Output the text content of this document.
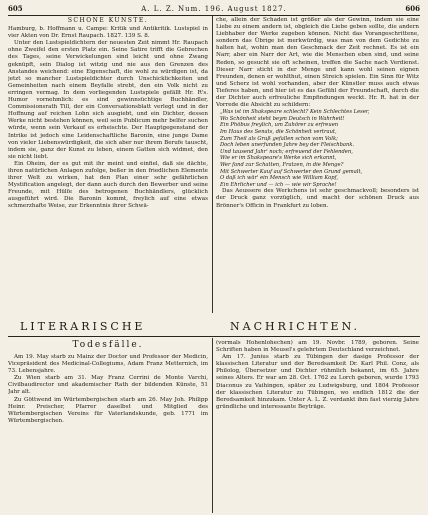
605	A. L. Z. Num. 196. August 1827.	606
SCHÖNE KÜNSTE.

Hamburg, b. Hoffmann u. Campe: Kritik und Antikritik. Lustspiel in vier Akten von Dr. Ernst Raupach. 1827. 139 S. 8.

Unter den Lustspieldichtern der neuesten Zeit nimmt Hr. Raupach ohne Zweifel den ersten Platz ein. Seine Satire trifft die Gebrechen des Tages, seine Verwickelungen sind leicht und ohne Zwang geknüpft, sein Dialog ist witzig und nie aus den Grenzen des Anstandes weichend: eine Eigenschaft, die wohl zu würdigen ist, da jetzt so mancher Lustspieldichter durch Unschicklichkeiten und Gemeinheiten nach einem Beyfalle strebt, den ein Volk nicht zu erringen vermag. In dem vorliegenden Lustspiele gefällt Hr. R's. Humor vornehmlich: es sind gewinnsüchtige Buchhändler, Commissionsrath Till, der ein Conversationsblatt verlegt und in der Hoffnung auf reichen Lohn sich ausgiebt, und ein Dichter, dessen Werke nicht bestehen können, weil sein Publicum mehr belfer suchen würde, wenn sein Verkauf es erheischte. Der Hauptgegenstand der Intrike ist jedoch eine Leidenschaftliche Baronin, eine junge Dame von vieler Liebenswürdigkeit, die sich aber nur ihrem Berufe tauscht, indem sie, ganz der Kunst zu leben, einem Gatten sich widmet, den sie nicht liebt.

Ein Oheim, der es gut mit ihr meint und einfiel, daß sie dächte, ihren natürlichen Anlagen zufolge, beßer in den friedlichen Elemente ihrer Welt zu wirken, hat den Plan einer sehr gefährlichen Mystification angelegt, der dann auch durch den Bewerber und seine Freunde, mit Hülfe des betrogenen Buchhändlers, glücklich ausgeführt wird. Die Baronin kommt, freylich auf eine etwas schmerzhafte Weise, zur Erkenntnis ihrer Schwä-

che, allein der Schaden ist größer als der Gewinn, indem sie eine Liebe zu einem andern ist, obgleich die Liebe geben sollte, die andern Liebhaber der Werke zugeben können. Nicht das Vorangeschrittene, sondern das Übrige ist merkwürdig, was man von dem Gedichte zu halten hat, wohin man den Geschmack der Zeit rechnet. Es ist ein Narr, aber ein Narr der Art, wie die Menschen eben sind, und seine Reden, so gesucht sie oft scheinen, treffen die Sache nach Verdienst. Dieser Narr sticht in der Menge und kann wohl seinen eignen Freunden, denen er wohlthut, einen Streich spielen. Ein Sinn für Witz und Scherz ist wohl vorhanden, aber der Künstler muss auch etwas Tieferes haben, und hier ist es das Gefühl der Freundschaft, durch die der Dichter auch erfreuliche Empfindungen weckt. Hr. R. hat in der Vorrede die Absicht zu schildern:

„Was ist im Shakspeare schlecht? Kein Schlechtes Leser,
Wo Schönheit steht beym Deutsch in Wahrheit!
Ein Phöbus freylich, um Zuhörer zu erfreuen
Im Haus des Senats, die Schönheit vertraut,
Zum Theil als Gruß gefallen schon vom Volk;
Doch leben unerfunden Jahre bey der Fleischbank.
Und tausend Jahr' noch; erfreuend der Fehlenden,
Wie er im Shakspeare's Werke sich erkannt,
Wer fand zur Schatten, Fratzen, in die Menge?
Mit Schwerter Kauf auf Schwerter den Grund gemalt,
O daß ich wär' ein Mensch wie William Kopf,
Ein Ehrlicher und — ich — wie wir Sprache!

Das Aeussere des Werkchens ist sehr geschmackvoll; besonders ist der Druck ganz vorzüglich, und macht der schönen Druck aus Brönner's Officin in Frankfurt zu loben.

LITERARISCHE	NACHRICHTEN.
Todesfälle.

Am 19. May starb zu Mainz der Doctor und Professor der Medicin, Vicepräsident des Medicinal-Collegiums, Adam Franz Metternich, im 73. Lebensjahre.

Zu Wien starb am 31. May Franz Cerrini de Monte Varchi, Civilbaudirector und akademischer Rath der bildenden Künste, 51 Jahr alt.

Zu Göttwend im Würtembergischen starb am 26. May Joh. Philipp Heinr. Preischer, Pfarrer daselbst und Mitglied des Würtembergischen Vereins für Vaterlandskunde, geb. 1771 im Würtembergischen.

(vormals Hohenlohechen) am 19. Novbr. 1789, geboren. Seine Schriften haben in Meusel's gelehrtem Deutschland verzeichnet.

Am 17. Junius starb zu Tübingen der dasige Professor der klassischen Literatur und der Beredsamkeit Dr. Karl Phil. Conz, als Philolog, Übersetzer und Dichter rühmlich bekannt, im 65. Jahre seines Alters. Er war am 28. Oct. 1762 zu Lorch geboren, wurde 1793 Diaconus zu Vaihingen, später zu Ludwigsburg, und 1804 Professor der klassischen Literatur zu Tübingen, wo endlich 1812 die der Beredsamkeit hinzukam. Unter A. L. Z. verdankt ihm fast vierzig Jahre gründliche und interessante Beyträge.
